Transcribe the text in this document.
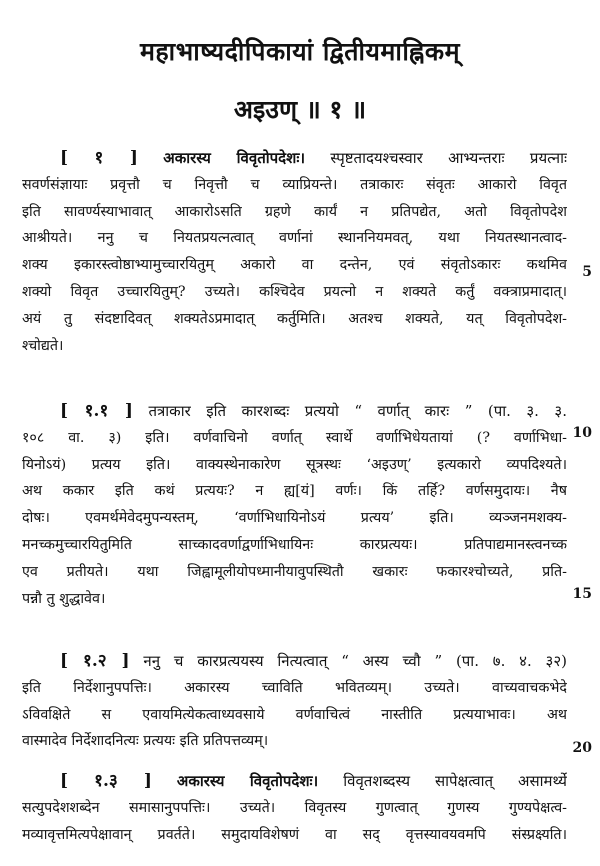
महाभाष्यदीपिकायां द्वितीयमाह्निकम्
अइउण् ॥ १ ॥
[ १ ] अकारस्य विवृतोपदेशः। स्पृष्टतादयश्चस्वार आभ्यन्तराः प्रयत्नाः
सवर्णसंज्ञायाः प्रवृत्तौ च निवृत्तौ च व्याप्रियन्ते। तत्राकारः संवृतः आकारो विवृत
इति सावर्ण्यस्याभावात् आकारोऽसति ग्रहणे कार्यं न प्रतिपद्येत, अतो विवृतोपदेश
आश्रीयते। ननु च नियतप्रयत्नत्वात् वर्णानां स्थाननियमवत्, यथा नियतस्थानत्वाद-
शक्य इकारस्त्वोष्ठाभ्यामुच्चारयितुम् अकारो वा दन्तेन, एवं संवृतोऽकारः कथमिव
शक्यो विवृत उच्चारयितुम्? उच्यते। कश्चिदेव प्रयत्नो न शक्यते कर्तुं वक्त्राप्रमादात्।
अयं तु संदष्टादिवत् शक्यतेऽप्रमादात् कर्तुमिति। अतश्च शक्यते, यत् विवृतोपदेश-
श्चोद्यते।
[ १.१ ] तत्राकार इति कारशब्दः प्रत्ययो “ वर्णात् कारः ” (पा. ३. ३.
१०८ वा. ३) इति। वर्णवाचिनो वर्णात् स्वार्थे वर्णाभिधेयतायां (? वर्णाभिधा-
यिनोऽयं) प्रत्यय इति। वाक्यस्थेनाकारेण सूत्रस्थः ‘अइउण्’ इत्यकारो व्यपदिश्यते।
अथ ककार इति कथं प्रत्ययः? न ह्य[यं] वर्णः। किं तर्हि? वर्णसमुदायः। नैष
दोषः। एवमर्थमेवेदमुपन्यस्तम्, ‘वर्णाभिधायिनोऽयं प्रत्यय’ इति। व्यञ्जनमशक्य-
मनच्कमुच्चारयितुमिति साच्कादवर्णाद्वर्णाभिधायिनः कारप्रत्ययः। प्रतिपाद्यमानस्त्वनच्क
एव प्रतीयते। यथा जिह्वामूलीयोपध्मानीयावुपस्थितौ खकारः फकारश्चोच्यते, प्रति-
पन्नौ तु शुद्धावेव।
[ १.२ ] ननु च कारप्रत्ययस्य नित्यत्वात् “ अस्य च्वौ ” (पा. ७. ४. ३२)
इति निर्देशानुपपत्तिः। अकारस्य च्वाविति भवितव्यम्। उच्यते। वाच्यवाचकभेदे
ऽविवक्षिते स एवायमित्येकत्वाध्यवसाये वर्णवाचित्वं नास्तीति प्रत्ययाभावः। अथ
वास्मादेव निर्देशादनित्यः प्रत्ययः इति प्रतिपत्तव्यम्।
[ १.३ ] अकारस्य विवृतोपदेशः। विवृतशब्दस्य सापेक्षत्वात् असामर्थ्ये
सत्युपदेशशब्देन समासानुपपत्तिः। उच्यते। विवृतस्य गुणत्वात् गुणस्य गुण्यपेक्षत्व-
मव्यावृत्तमित्यपेक्षावान् प्रवर्तते। समुदायविशेषणं वा सद् वृत्तस्यावयवमपि संस्प्रक्ष्यति।
5
10
15
20
